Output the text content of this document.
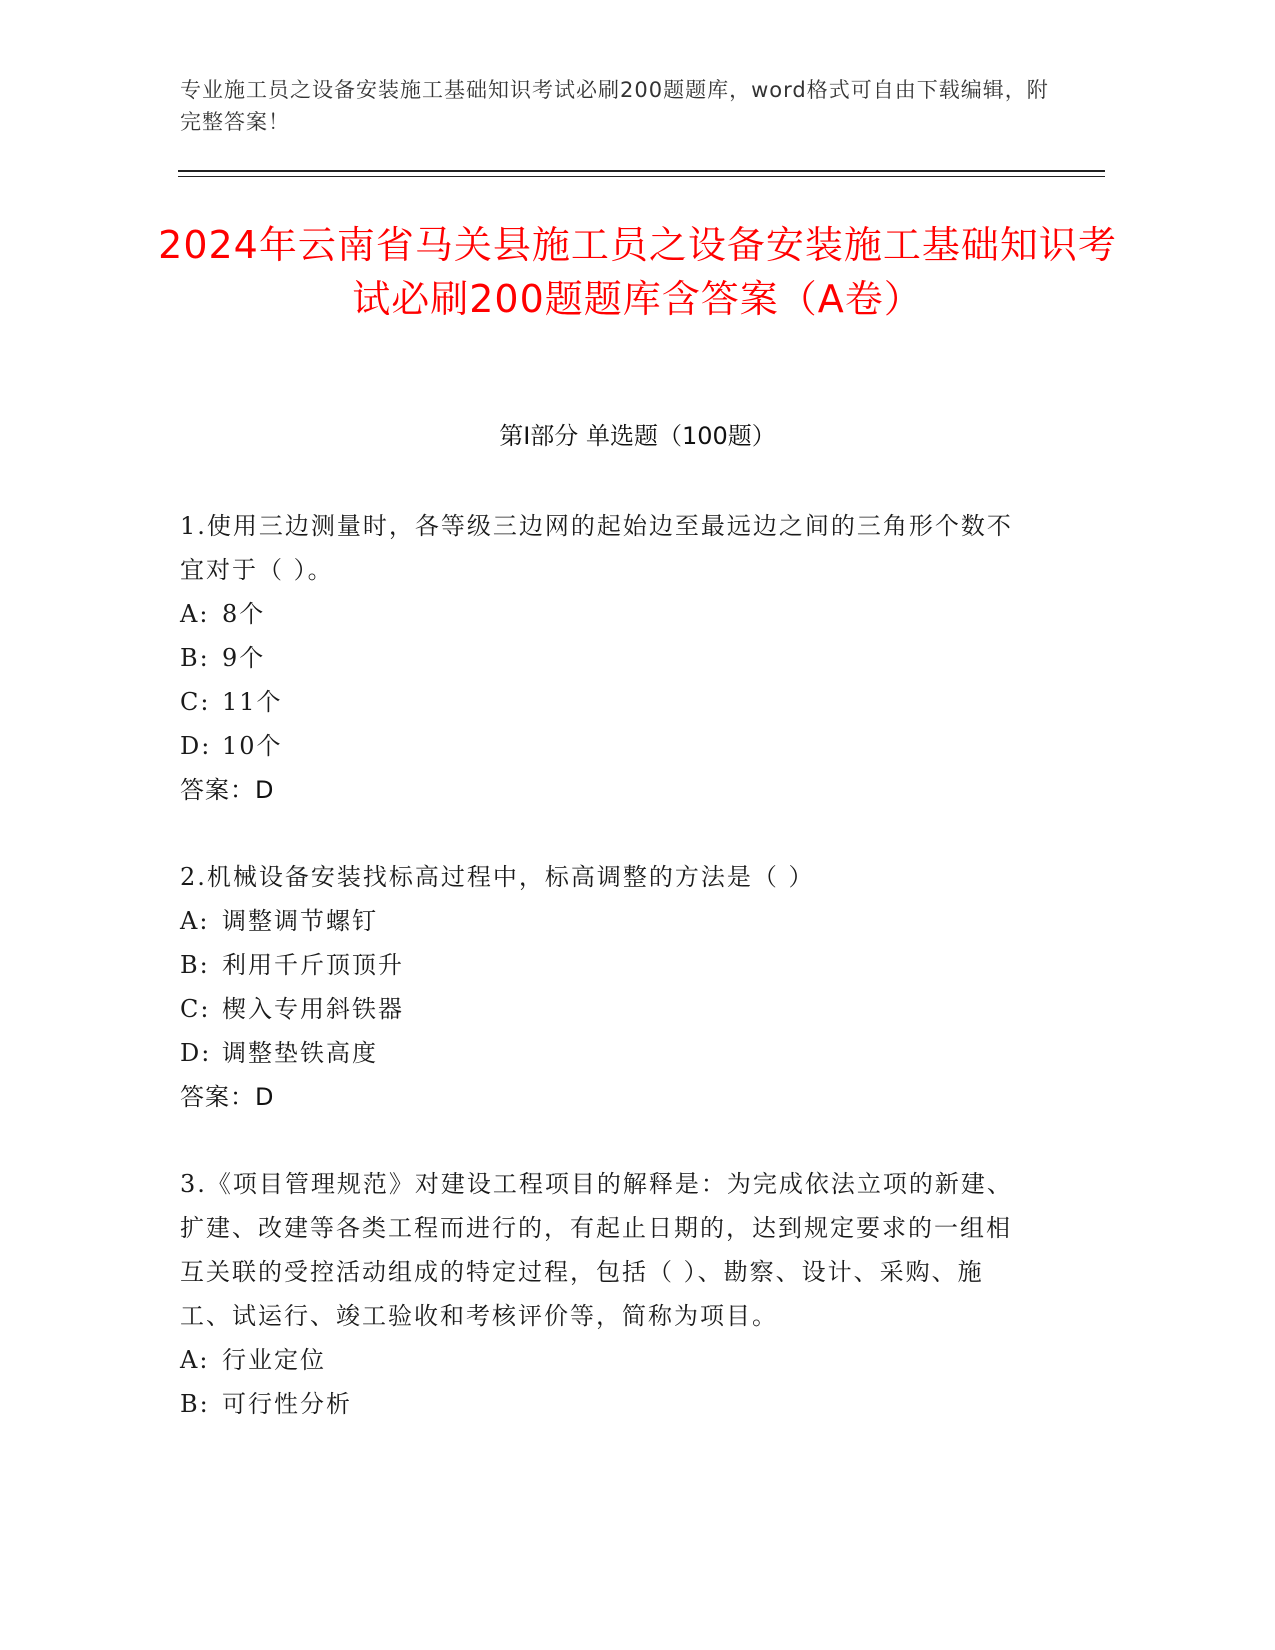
专业施工员之设备安装施工基础知识考试必刷200题题库，word格式可自由下载编辑，附完整答案！
2024年云南省马关县施工员之设备安装施工基础知识考试必刷200题题库含答案（A卷）
第I部分 单选题（100题）
1.使用三边测量时，各等级三边网的起始边至最远边之间的三角形个数不宜对于（ ）。
A: 8个
B: 9个
C: 11个
D: 10个
答案：D
2.机械设备安装找标高过程中，标高调整的方法是（ ）
A: 调整调节螺钉
B: 利用千斤顶顶升
C: 楔入专用斜铁器
D: 调整垫铁高度
答案：D
3.《项目管理规范》对建设工程项目的解释是：为完成依法立项的新建、扩建、改建等各类工程而进行的，有起止日期的，达到规定要求的一组相互关联的受控活动组成的特定过程，包括（ ）、勘察、设计、采购、施工、试运行、竣工验收和考核评价等，简称为项目。
A: 行业定位
B: 可行性分析
